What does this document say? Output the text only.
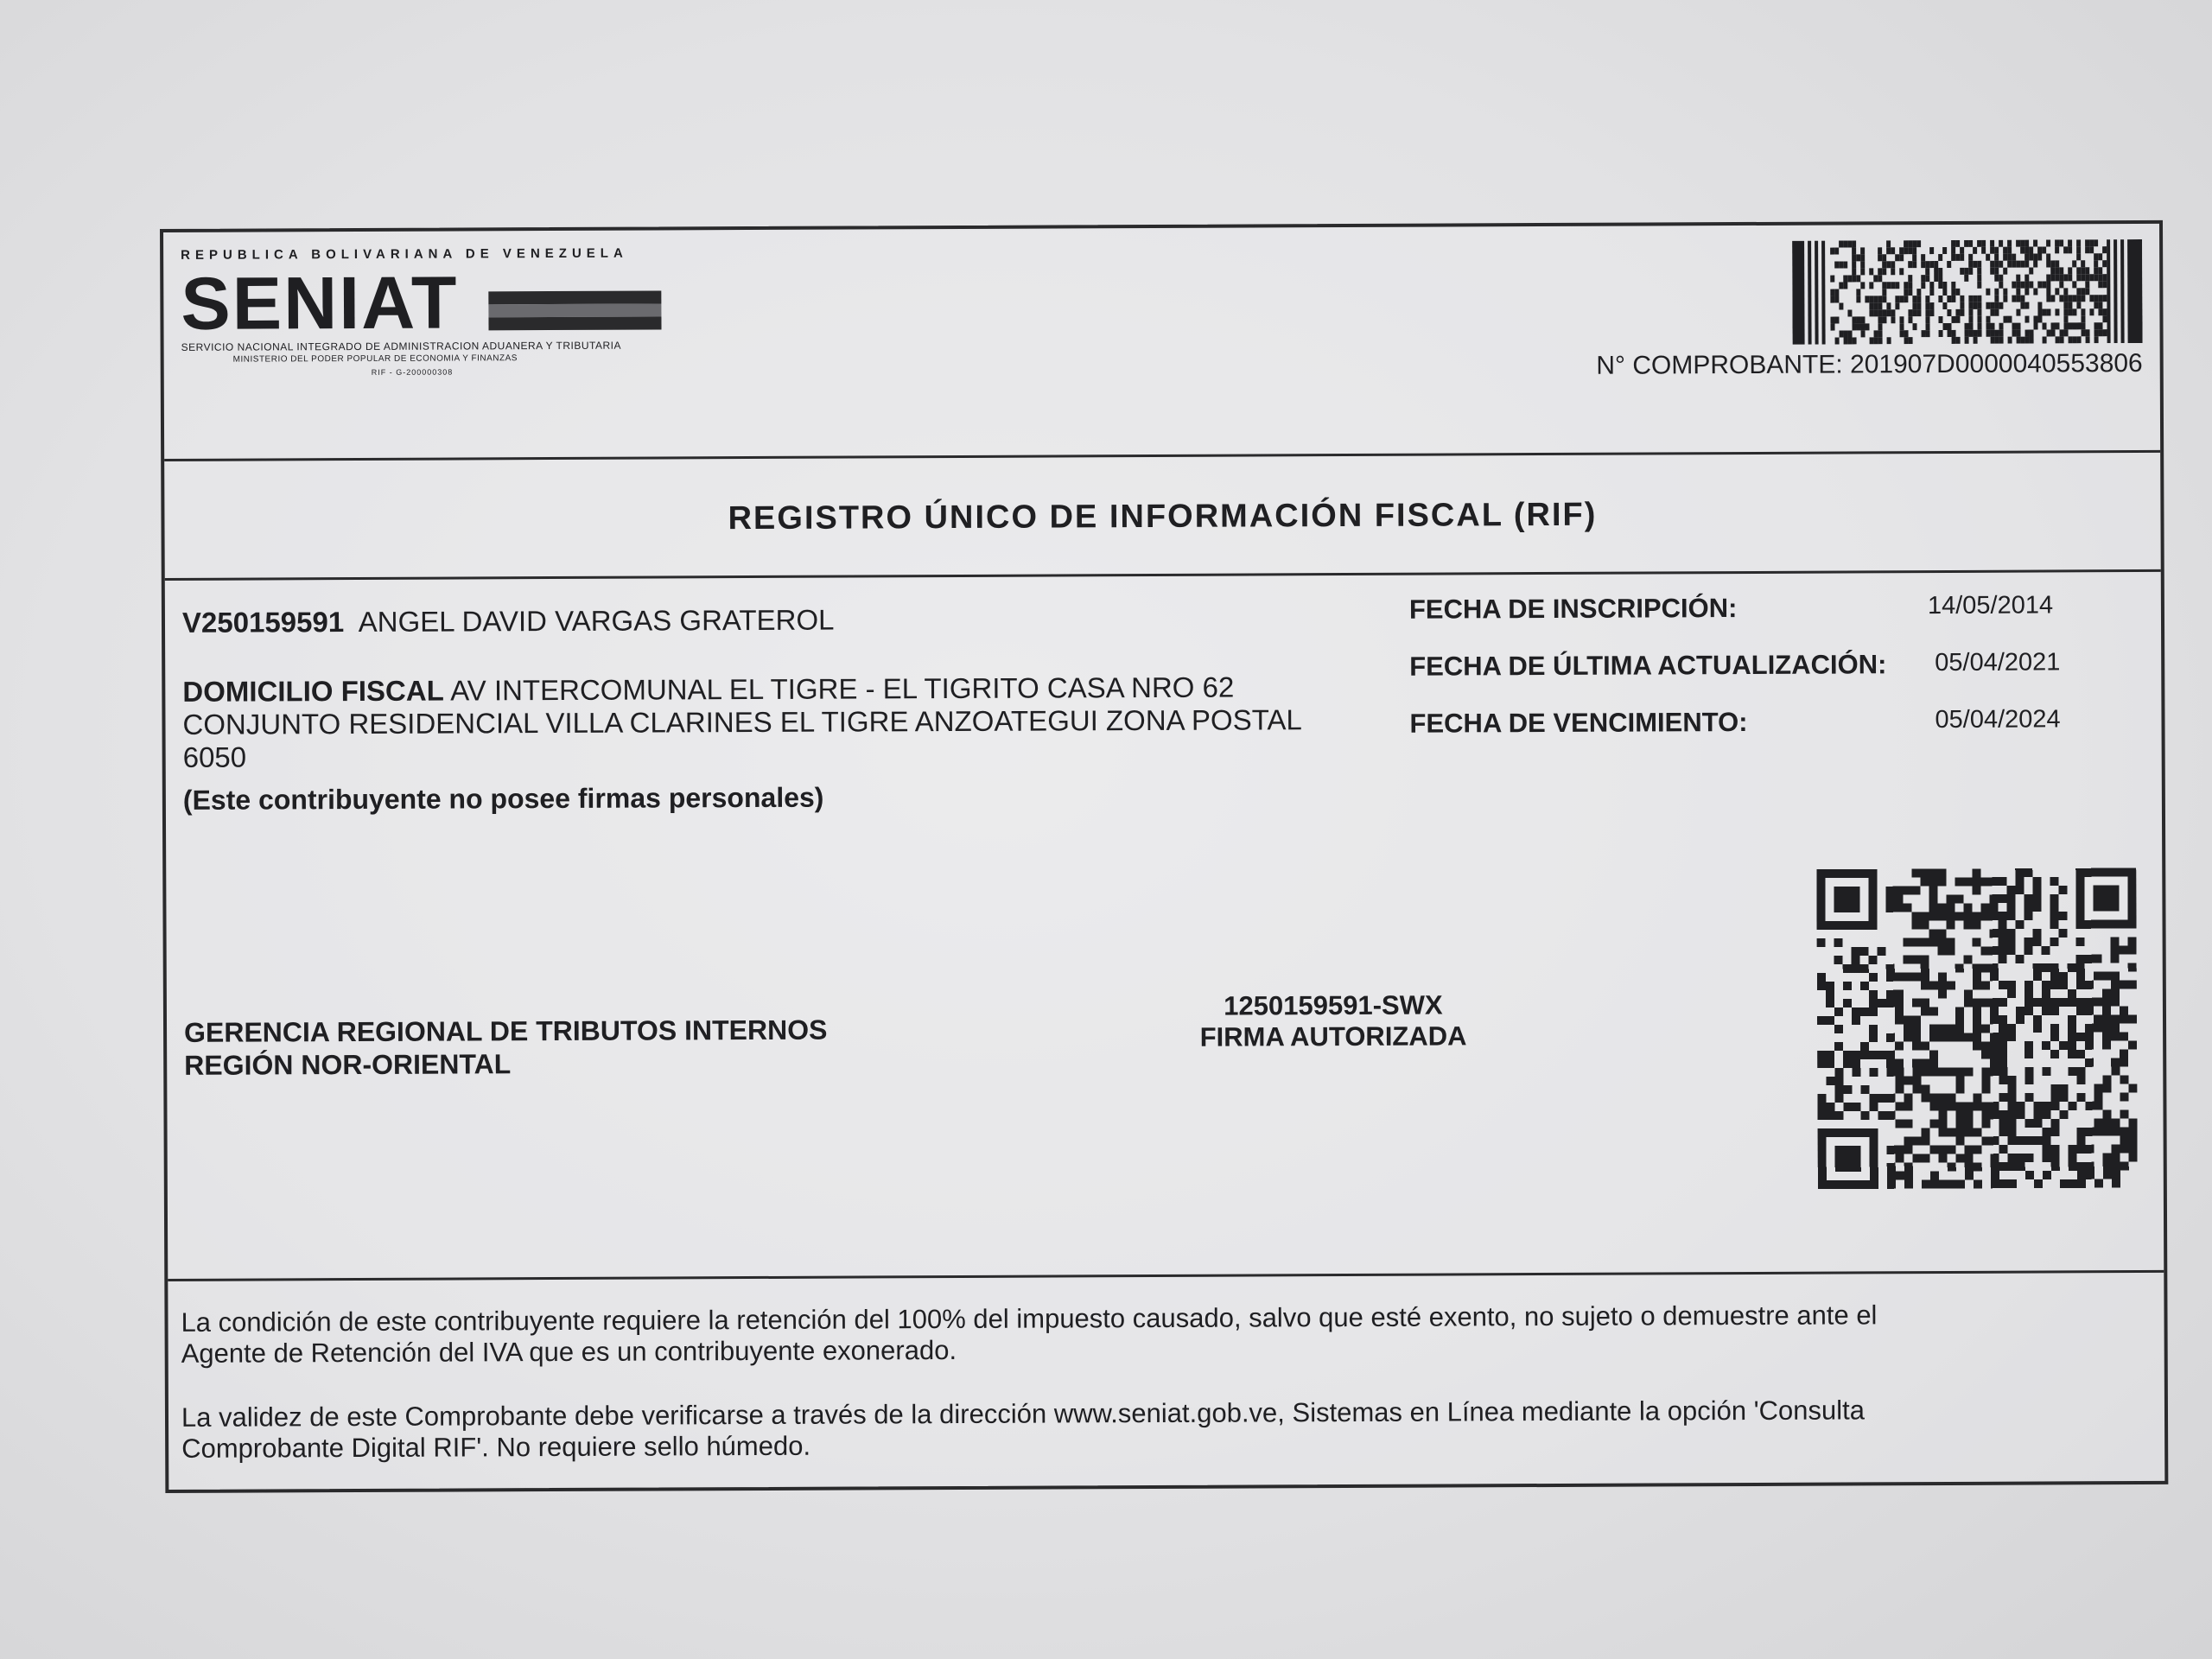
REPUBLICA BOLIVARIANA DE VENEZUELA
SENIAT
SERVICIO NACIONAL INTEGRADO DE ADMINISTRACION ADUANERA Y TRIBUTARIA
MINISTERIO DEL PODER POPULAR DE ECONOMIA Y FINANZAS
RIF - G-200000308	N° COMPROBANTE: 201907D0000040553806
REGISTRO ÚNICO DE INFORMACIÓN FISCAL (RIF)
V250159591 ANGEL DAVID VARGAS GRATEROL
DOMICILIO FISCAL AV INTERCOMUNAL EL TIGRE - EL TIGRITO CASA NRO 62
CONJUNTO RESIDENCIAL VILLA CLARINES EL TIGRE ANZOATEGUI ZONA POSTAL
6050
(Este contribuyente no posee firmas personales)
FECHA DE INSCRIPCIÓN:	14/05/2014
FECHA DE ÚLTIMA ACTUALIZACIÓN: 05/04/2021
FECHA DE VENCIMIENTO:	05/04/2024
GERENCIA REGIONAL DE TRIBUTOS INTERNOS
REGIÓN NOR-ORIENTAL
1250159591-SWX
FIRMA AUTORIZADA
La condición de este contribuyente requiere la retención del 100% del impuesto causado, salvo que esté exento, no sujeto o demuestre ante el
Agente de Retención del IVA que es un contribuyente exonerado.
La validez de este Comprobante debe verificarse a través de la dirección www.seniat.gob.ve, Sistemas en Línea mediante la opción 'Consulta
Comprobante Digital RIF'. No requiere sello húmedo.
